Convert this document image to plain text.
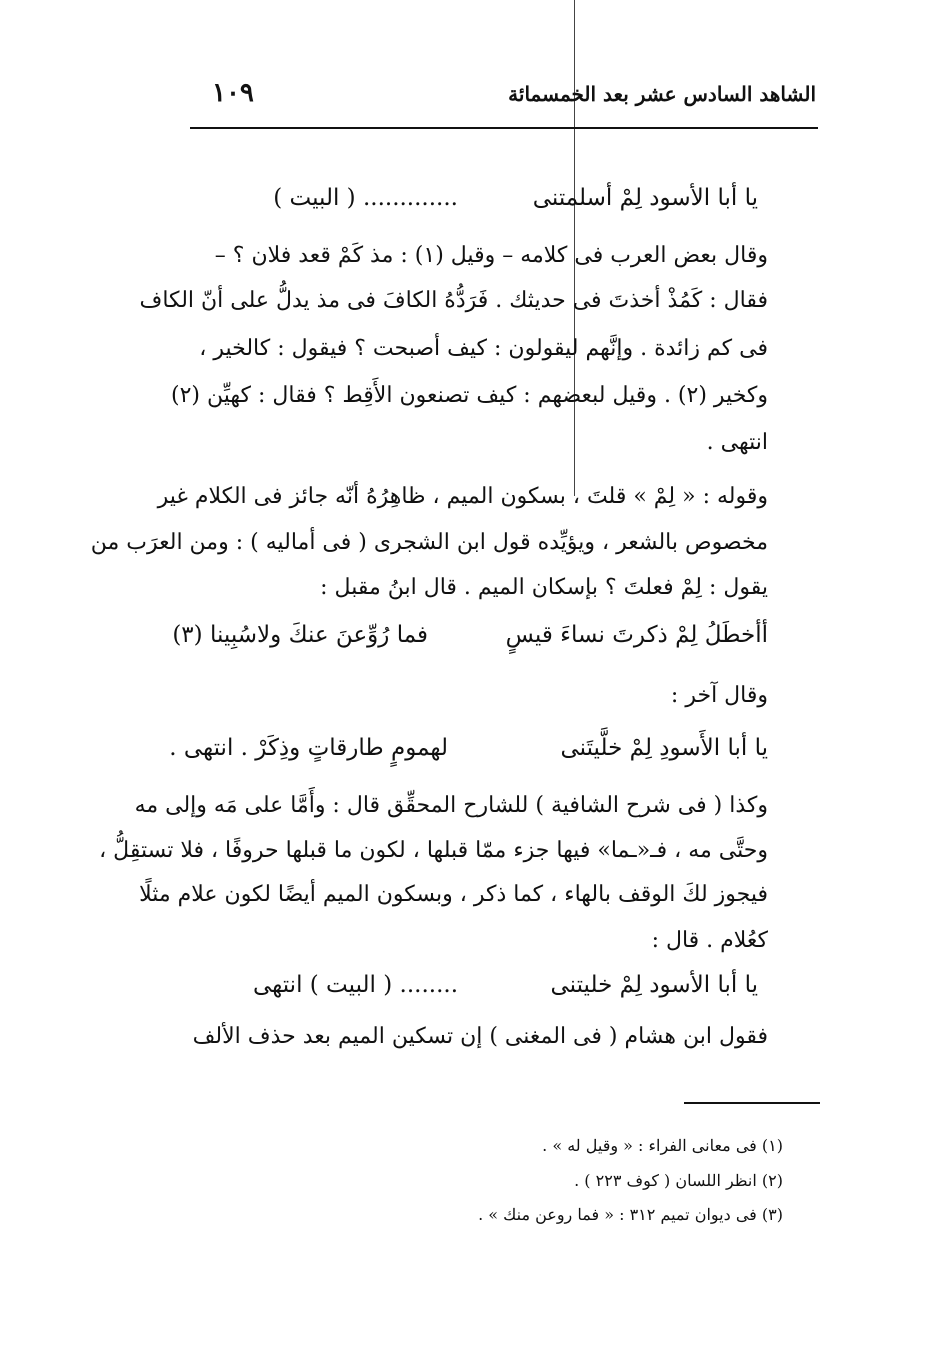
الشاهد السادس عشر بعد الخمسمائة
١٠٩
يا أبا الأسود لِمْ أسلمتنى
............. ( البيت )
وقال بعض العرب فى كلامه – وقيل (١) : مذ كَمْ قعد فلان ؟ –
فقال : كَمُذْ أخذتَ فى حديثك . فَرَدُّهُ الكافَ فى مذ يدلُّ على أنّ الكاف
فى كم زائدة . وإنَّهم ليقولون : كيف أصبحت ؟ فيقول : كالخير ،
وكخير (٢) . وقيل لبعضهم : كيف تصنعون الأَقِط ؟ فقال : كهيِّن (٢)
انتهى .
وقوله : « لِمْ » قلتَ ، بسكون الميم ، ظاهِرُهُ أنّه جائز فى الكلام غير
مخصوص بالشعر ، ويؤيِّده قول ابن الشجرى ( فى أماليه ) : ومن العرَب من
يقول : لِمْ فعلتَ ؟ بإسكان الميم . قال ابنُ مقبل :
أأخطَلُ لِمْ ذكرتَ نساءَ قيسٍ
فما رُوِّعنَ عنكَ ولاسُبِينا (٣)
وقال آخر :
يا أبا الأَسودِ لِمْ خلَّيتَنى
لهمومٍ طارقاتٍ وذِكَرْ . انتهى .
وكذا ( فى شرح الشافية ) للشارح المحقِّق قال : وأَمَّا على مَه وإلى مه
وحتَّى مه ، فـ«ـما» فيها جزء ممّا قبلها ، لكون ما قبلها حروفًا ، فلا تستقِلُّ ،
فيجوز لكَ الوقف بالهاء ، كما ذكر ، وبسكون الميم أيضًا لكون علام مثلًا
كعُلام . قال :
يا أبا الأسود لِمْ خليتنى
........ ( البيت ) انتهى
فقول ابن هشام ( فى المغنى ) إن تسكين الميم بعد حذف الألف
(١) فى معانى الفراء : « وقيل له » .
(٢) انظر اللسان ( كوف ٢٢٣ ) .
(٣) فى ديوان تميم ٣١٢ : « فما روعن منك » .
